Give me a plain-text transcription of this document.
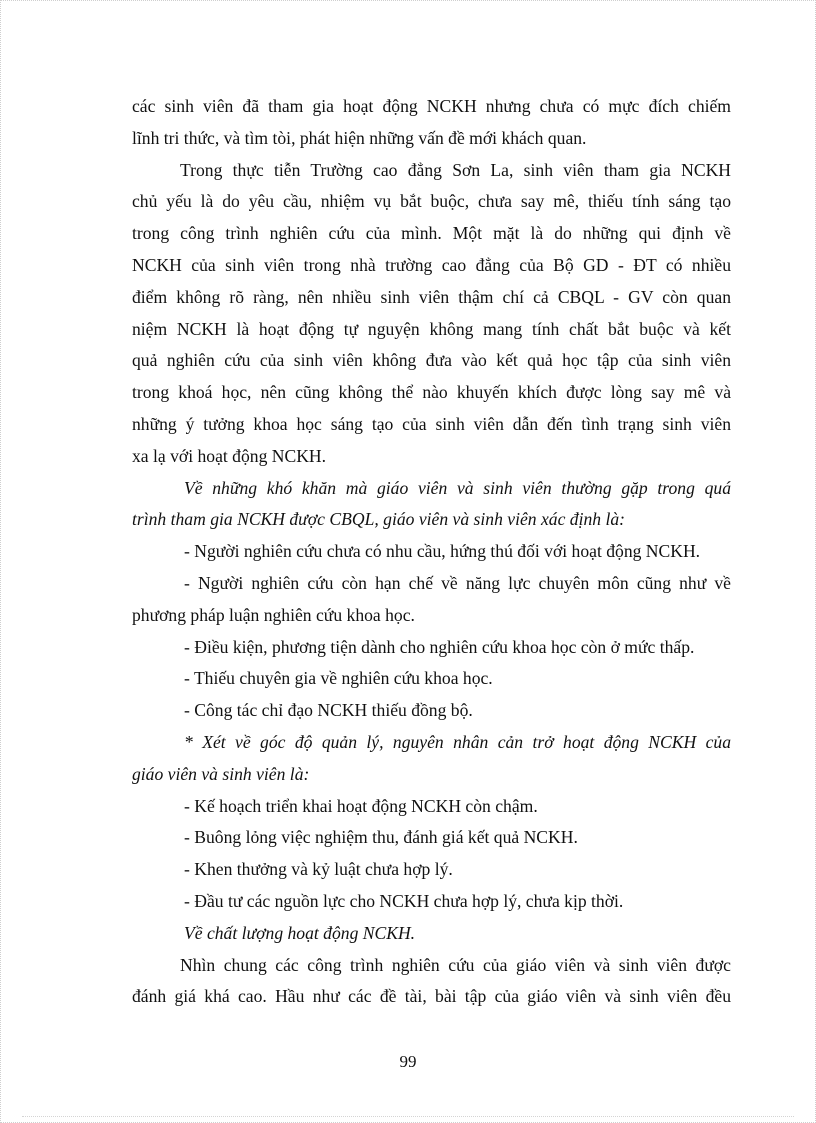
các sinh viên đã tham gia hoạt động NCKH nhưng chưa có mực đích chiếm
lĩnh tri thức, và tìm tòi, phát hiện những vấn đề mới khách quan.
Trong thực tiễn Trường cao đẳng Sơn La, sinh viên tham gia NCKH
chủ yếu là do yêu cầu, nhiệm vụ bắt buộc, chưa say mê, thiếu tính sáng tạo
trong công trình nghiên cứu của mình. Một mặt là do những qui định về
NCKH của sinh viên trong nhà trường cao đẳng của Bộ GD - ĐT có nhiều
điểm không rõ ràng, nên nhiều sinh viên thậm chí cả CBQL - GV còn quan
niệm NCKH là hoạt động tự nguyện không mang tính chất bắt buộc và kết
quả nghiên cứu của sinh viên không đưa vào kết quả học tập của sinh viên
trong khoá học, nên cũng không thể nào khuyến khích được lòng say mê và
những ý tưởng khoa học sáng tạo của sinh viên dẫn đến tình trạng sinh viên
xa lạ với hoạt động NCKH.
Về những khó khăn mà giáo viên và sinh viên thường gặp trong quá
trình tham gia NCKH được CBQL, giáo viên và sinh viên xác định là:
- Người nghiên cứu chưa có nhu cầu, hứng thú đối với hoạt động NCKH.
- Người nghiên cứu còn hạn chế về năng lực chuyên môn cũng như về
phương pháp luận nghiên cứu khoa học.
- Điều kiện, phương tiện dành cho nghiên cứu khoa học còn ở mức thấp.
- Thiếu chuyên gia về nghiên cứu khoa học.
- Công tác chỉ đạo NCKH thiếu đồng bộ.
* Xét về góc độ quản lý, nguyên nhân cản trở hoạt động NCKH của
giáo viên và sinh viên là:
- Kế hoạch triển khai hoạt động NCKH còn chậm.
- Buông lỏng việc nghiệm thu, đánh giá kết quả NCKH.
- Khen thưởng và kỷ luật chưa hợp lý.
- Đầu tư các nguồn lực cho NCKH chưa hợp lý, chưa kịp thời.
Về chất lượng hoạt động NCKH.
Nhìn chung các công trình nghiên cứu của giáo viên và sinh viên được
đánh giá khá cao. Hầu như các đề tài, bài tập của giáo viên và sinh viên đều
99
